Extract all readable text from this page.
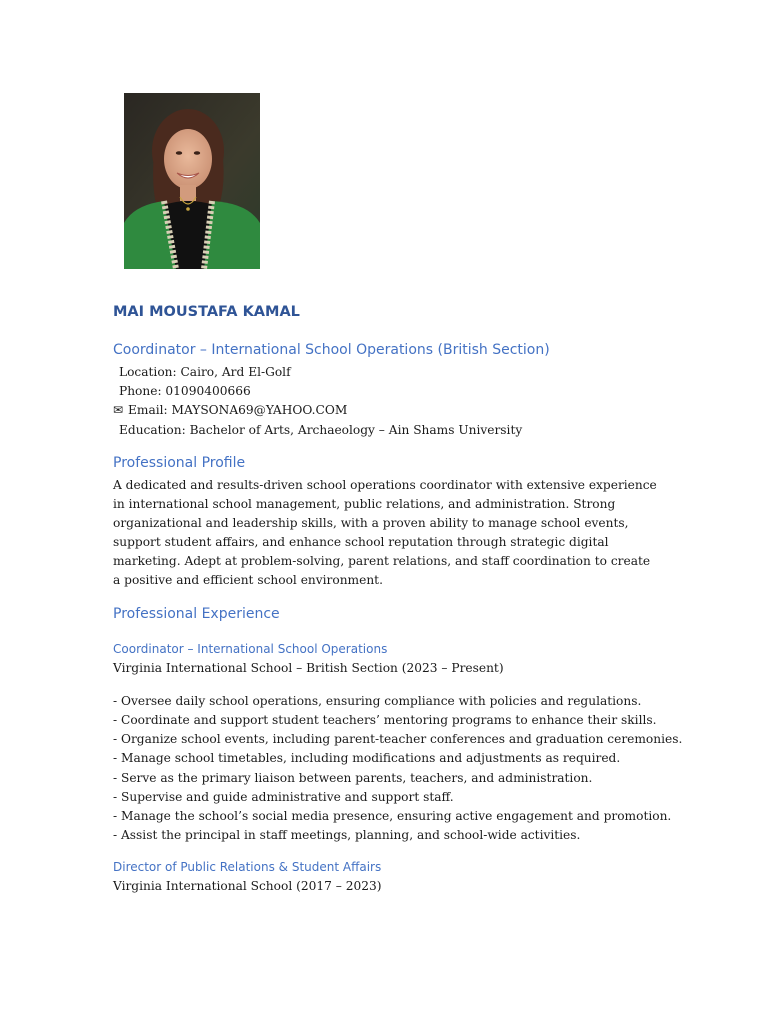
MAI MOUSTAFA KAMAL
Coordinator – International School Operations (British Section)
Location: Cairo, Ard El-Golf
Phone: 01090400666
✉ Email: MAYSONA69@YAHOO.COM
Education: Bachelor of Arts, Archaeology – Ain Shams University
Professional Profile
A dedicated and results-driven school operations coordinator with extensive experience in international school management, public relations, and administration. Strong organizational and leadership skills, with a proven ability to manage school events, support student affairs, and enhance school reputation through strategic digital marketing. Adept at problem-solving, parent relations, and staff coordination to create a positive and efficient school environment.
Professional Experience
Coordinator – International School Operations
Virginia International School – British Section (2023 – Present)
- Oversee daily school operations, ensuring compliance with policies and regulations.
- Coordinate and support student teachers’ mentoring programs to enhance their skills.
- Organize school events, including parent-teacher conferences and graduation ceremonies.
- Manage school timetables, including modifications and adjustments as required.
- Serve as the primary liaison between parents, teachers, and administration.
- Supervise and guide administrative and support staff.
- Manage the school’s social media presence, ensuring active engagement and promotion.
- Assist the principal in staff meetings, planning, and school-wide activities.
Director of Public Relations & Student Affairs
Virginia International School (2017 – 2023)
